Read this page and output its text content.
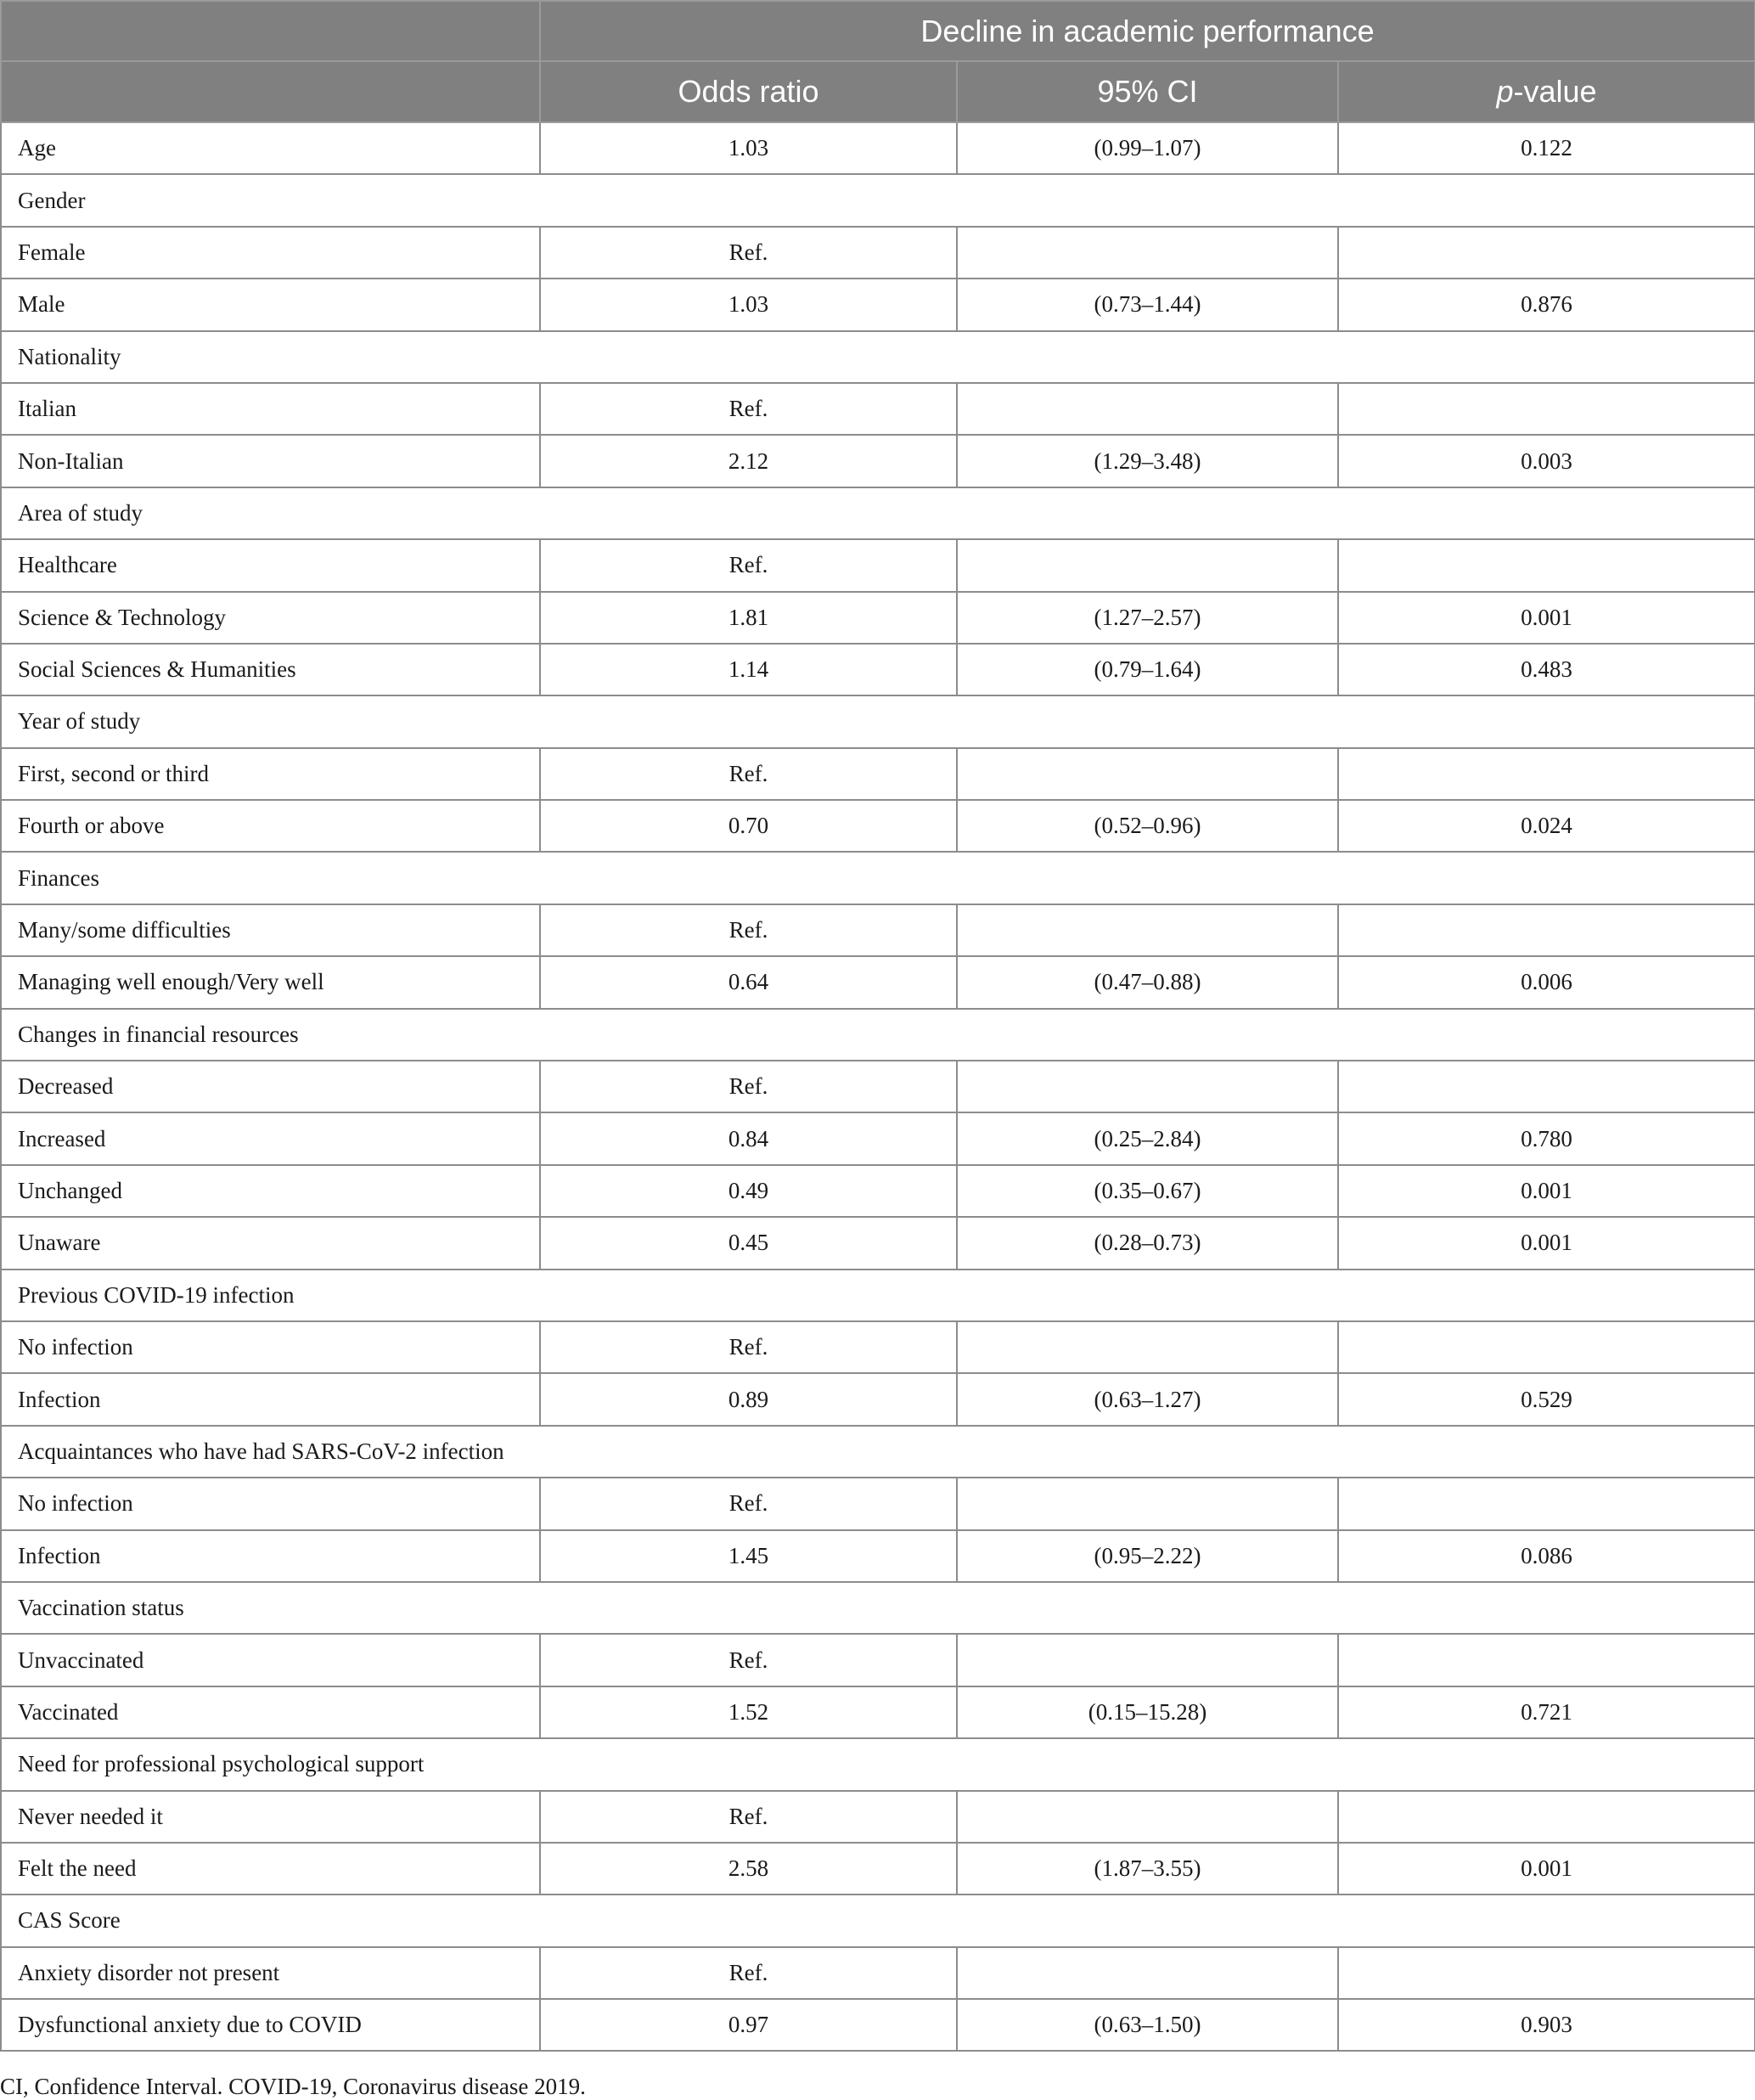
	Decline in academic performance		
	Odds ratio	95% CI	p-value
Age	1.03	(0.99–1.07)	0.122
Gender			
Female	Ref.		
Male	1.03	(0.73–1.44)	0.876
Nationality			
Italian	Ref.		
Non-Italian	2.12	(1.29–3.48)	0.003
Area of study			
Healthcare	Ref.		
Science & Technology	1.81	(1.27–2.57)	0.001
Social Sciences & Humanities	1.14	(0.79–1.64)	0.483
Year of study			
First, second or third	Ref.		
Fourth or above	0.70	(0.52–0.96)	0.024
Finances			
Many/some difficulties	Ref.		
Managing well enough/Very well	0.64	(0.47–0.88)	0.006
Changes in financial resources			
Decreased	Ref.		
Increased	0.84	(0.25–2.84)	0.780
Unchanged	0.49	(0.35–0.67)	0.001
Unaware	0.45	(0.28–0.73)	0.001
Previous COVID-19 infection			
No infection	Ref.		
Infection	0.89	(0.63–1.27)	0.529
Acquaintances who have had SARS-CoV-2 infection			
No infection	Ref.		
Infection	1.45	(0.95–2.22)	0.086
Vaccination status			
Unvaccinated	Ref.		
Vaccinated	1.52	(0.15–15.28)	0.721
Need for professional psychological support			
Never needed it	Ref.		
Felt the need	2.58	(1.87–3.55)	0.001
CAS Score			
Anxiety disorder not present	Ref.		
Dysfunctional anxiety due to COVID	0.97	(0.63–1.50)	0.903
CI, Confidence Interval. COVID-19, Coronavirus disease 2019.
